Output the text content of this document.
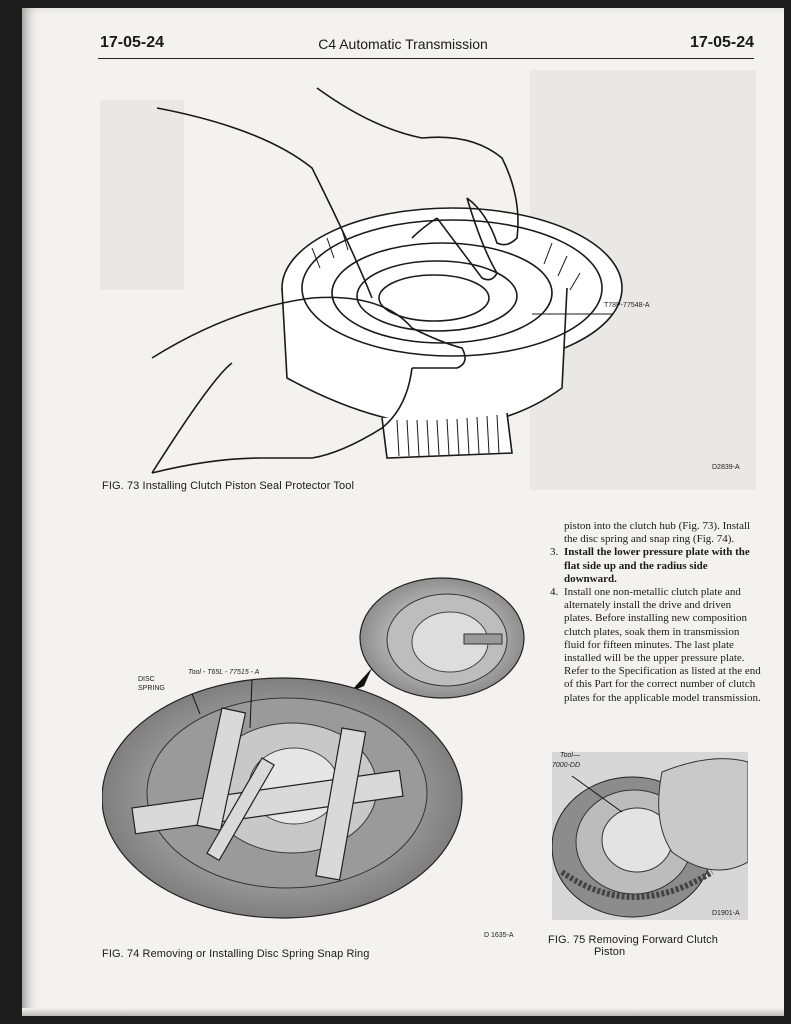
17-05-24	C4 Automatic Transmission	17-05-24
T78P-77548-A
D2839-A
FIG. 73 Installing Clutch Piston Seal Protector Tool
DISC
SPRING
Tool - T65L - 77515 - A
D 1635-A
FIG. 74 Removing or Installing Disc Spring Snap Ring
Tool—
7000-DD
D1901-A
FIG. 75 Removing Forward Clutch
Piston
piston into the clutch hub (Fig. 73). Install the disc spring and snap ring (Fig. 74).
3. Install the lower pressure plate with the flat side up and the radius side downward.
4. Install one non-metallic clutch plate and alternately install the drive and driven plates. Before installing new composition clutch plates, soak them in transmission fluid for fifteen minutes. The last plate installed will be the upper pressure plate. Refer to the Specification as listed at the end of this Part for the correct number of clutch plates for the applicable model transmission.
